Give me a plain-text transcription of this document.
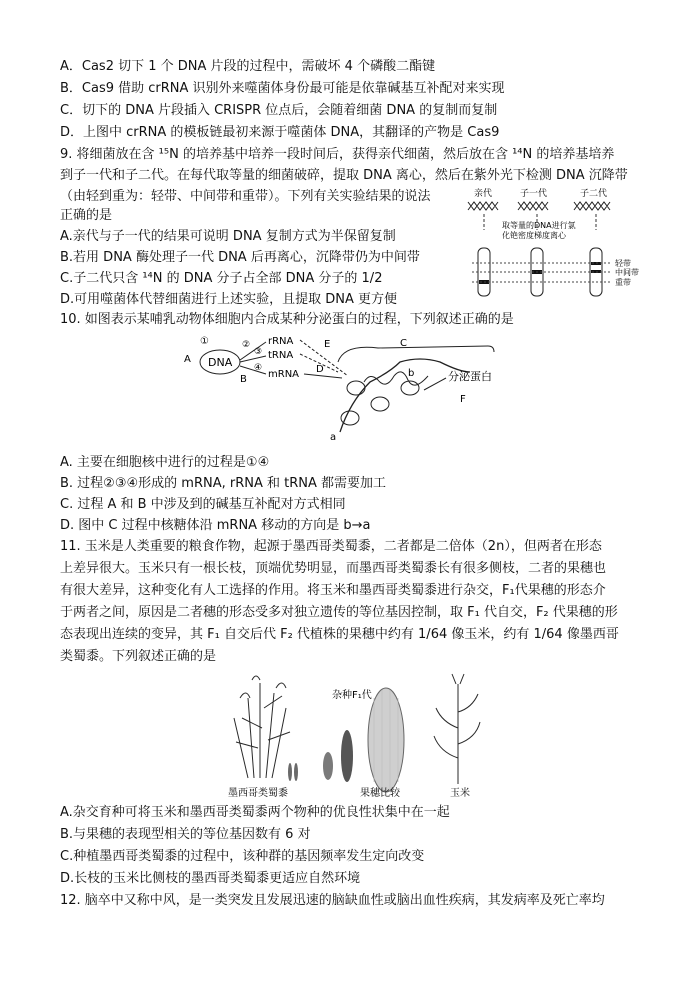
A．Cas2 切下 1 个 DNA 片段的过程中，需破坏 4 个磷酸二酯键
B．Cas9 借助 crRNA 识别外来噬菌体身份最可能是依靠碱基互补配对来实现
C．切下的 DNA 片段插入 CRISPR 位点后，会随着细菌 DNA 的复制而复制
D．上图中 crRNA 的模板链最初来源于噬菌体 DNA，其翻译的产物是 Cas9
9. 将细菌放在含 ¹⁵N 的培养基中培养一段时间后，获得亲代细菌，然后放在含 ¹⁴N 的培养基培养
到子一代和子二代。在每代取等量的细菌破碎，提取 DNA 离心，然后在紫外光下检测 DNA 沉降带
（由轻到重为：轻带、中间带和重带）。下列有关实验结果的说法
正确的是
A.亲代与子一代的结果可说明 DNA 复制方式为半保留复制
B.若用 DNA 酶处理子一代 DNA 后再离心，沉降带仍为中间带
C.子二代只含 ¹⁴N 的 DNA 分子占全部 DNA 分子的 1/2
D.可用噬菌体代替细菌进行上述实验，且提取 DNA 更方便
亲代	子一代	子二代
取等量的DNA进行氯
化铯密度梯度离心
轻带
中间带
重带
10. 如图表示某哺乳动物体细胞内合成某种分泌蛋白的过程，下列叙述正确的是
DNA
①
A
②
③
④
B
rRNA
tRNA
mRNA
E
D
C
F
a
b	分泌蛋白
A. 主要在细胞核中进行的过程是①④
B. 过程②③④形成的 mRNA, rRNA 和 tRNA 都需要加工
C. 过程 A 和 B 中涉及到的碱基互补配对方式相同
D. 图中 C 过程中核糖体沿 mRNA 移动的方向是 b→a
11. 玉米是人类重要的粮食作物，起源于墨西哥类蜀黍，二者都是二倍体（2n），但两者在形态
上差异很大。玉米只有一根长枝，顶端优势明显，而墨西哥类蜀黍长有很多侧枝，二者的果穗也
有很大差异，这种变化有人工选择的作用。将玉米和墨西哥类蜀黍进行杂交，F₁代果穗的形态介
于两者之间，原因是二者穗的形态受多对独立遗传的等位基因控制，取 F₁ 代自交，F₂ 代果穗的形
态表现出连续的变异，其 F₁ 自交后代 F₂ 代植株的果穗中约有 1/64 像玉米，约有 1/64 像墨西哥
类蜀黍。下列叙述正确的是
杂种F₁代
墨西哥类蜀黍	果穗比较	玉米
A.杂交育种可将玉米和墨西哥类蜀黍两个物种的优良性状集中在一起
B.与果穗的表现型相关的等位基因数有 6 对
C.种植墨西哥类蜀黍的过程中，该种群的基因频率发生定向改变
D.长枝的玉米比侧枝的墨西哥类蜀黍更适应自然环境
12. 脑卒中又称中风，是一类突发且发展迅速的脑缺血性或脑出血性疾病，其发病率及死亡率均
